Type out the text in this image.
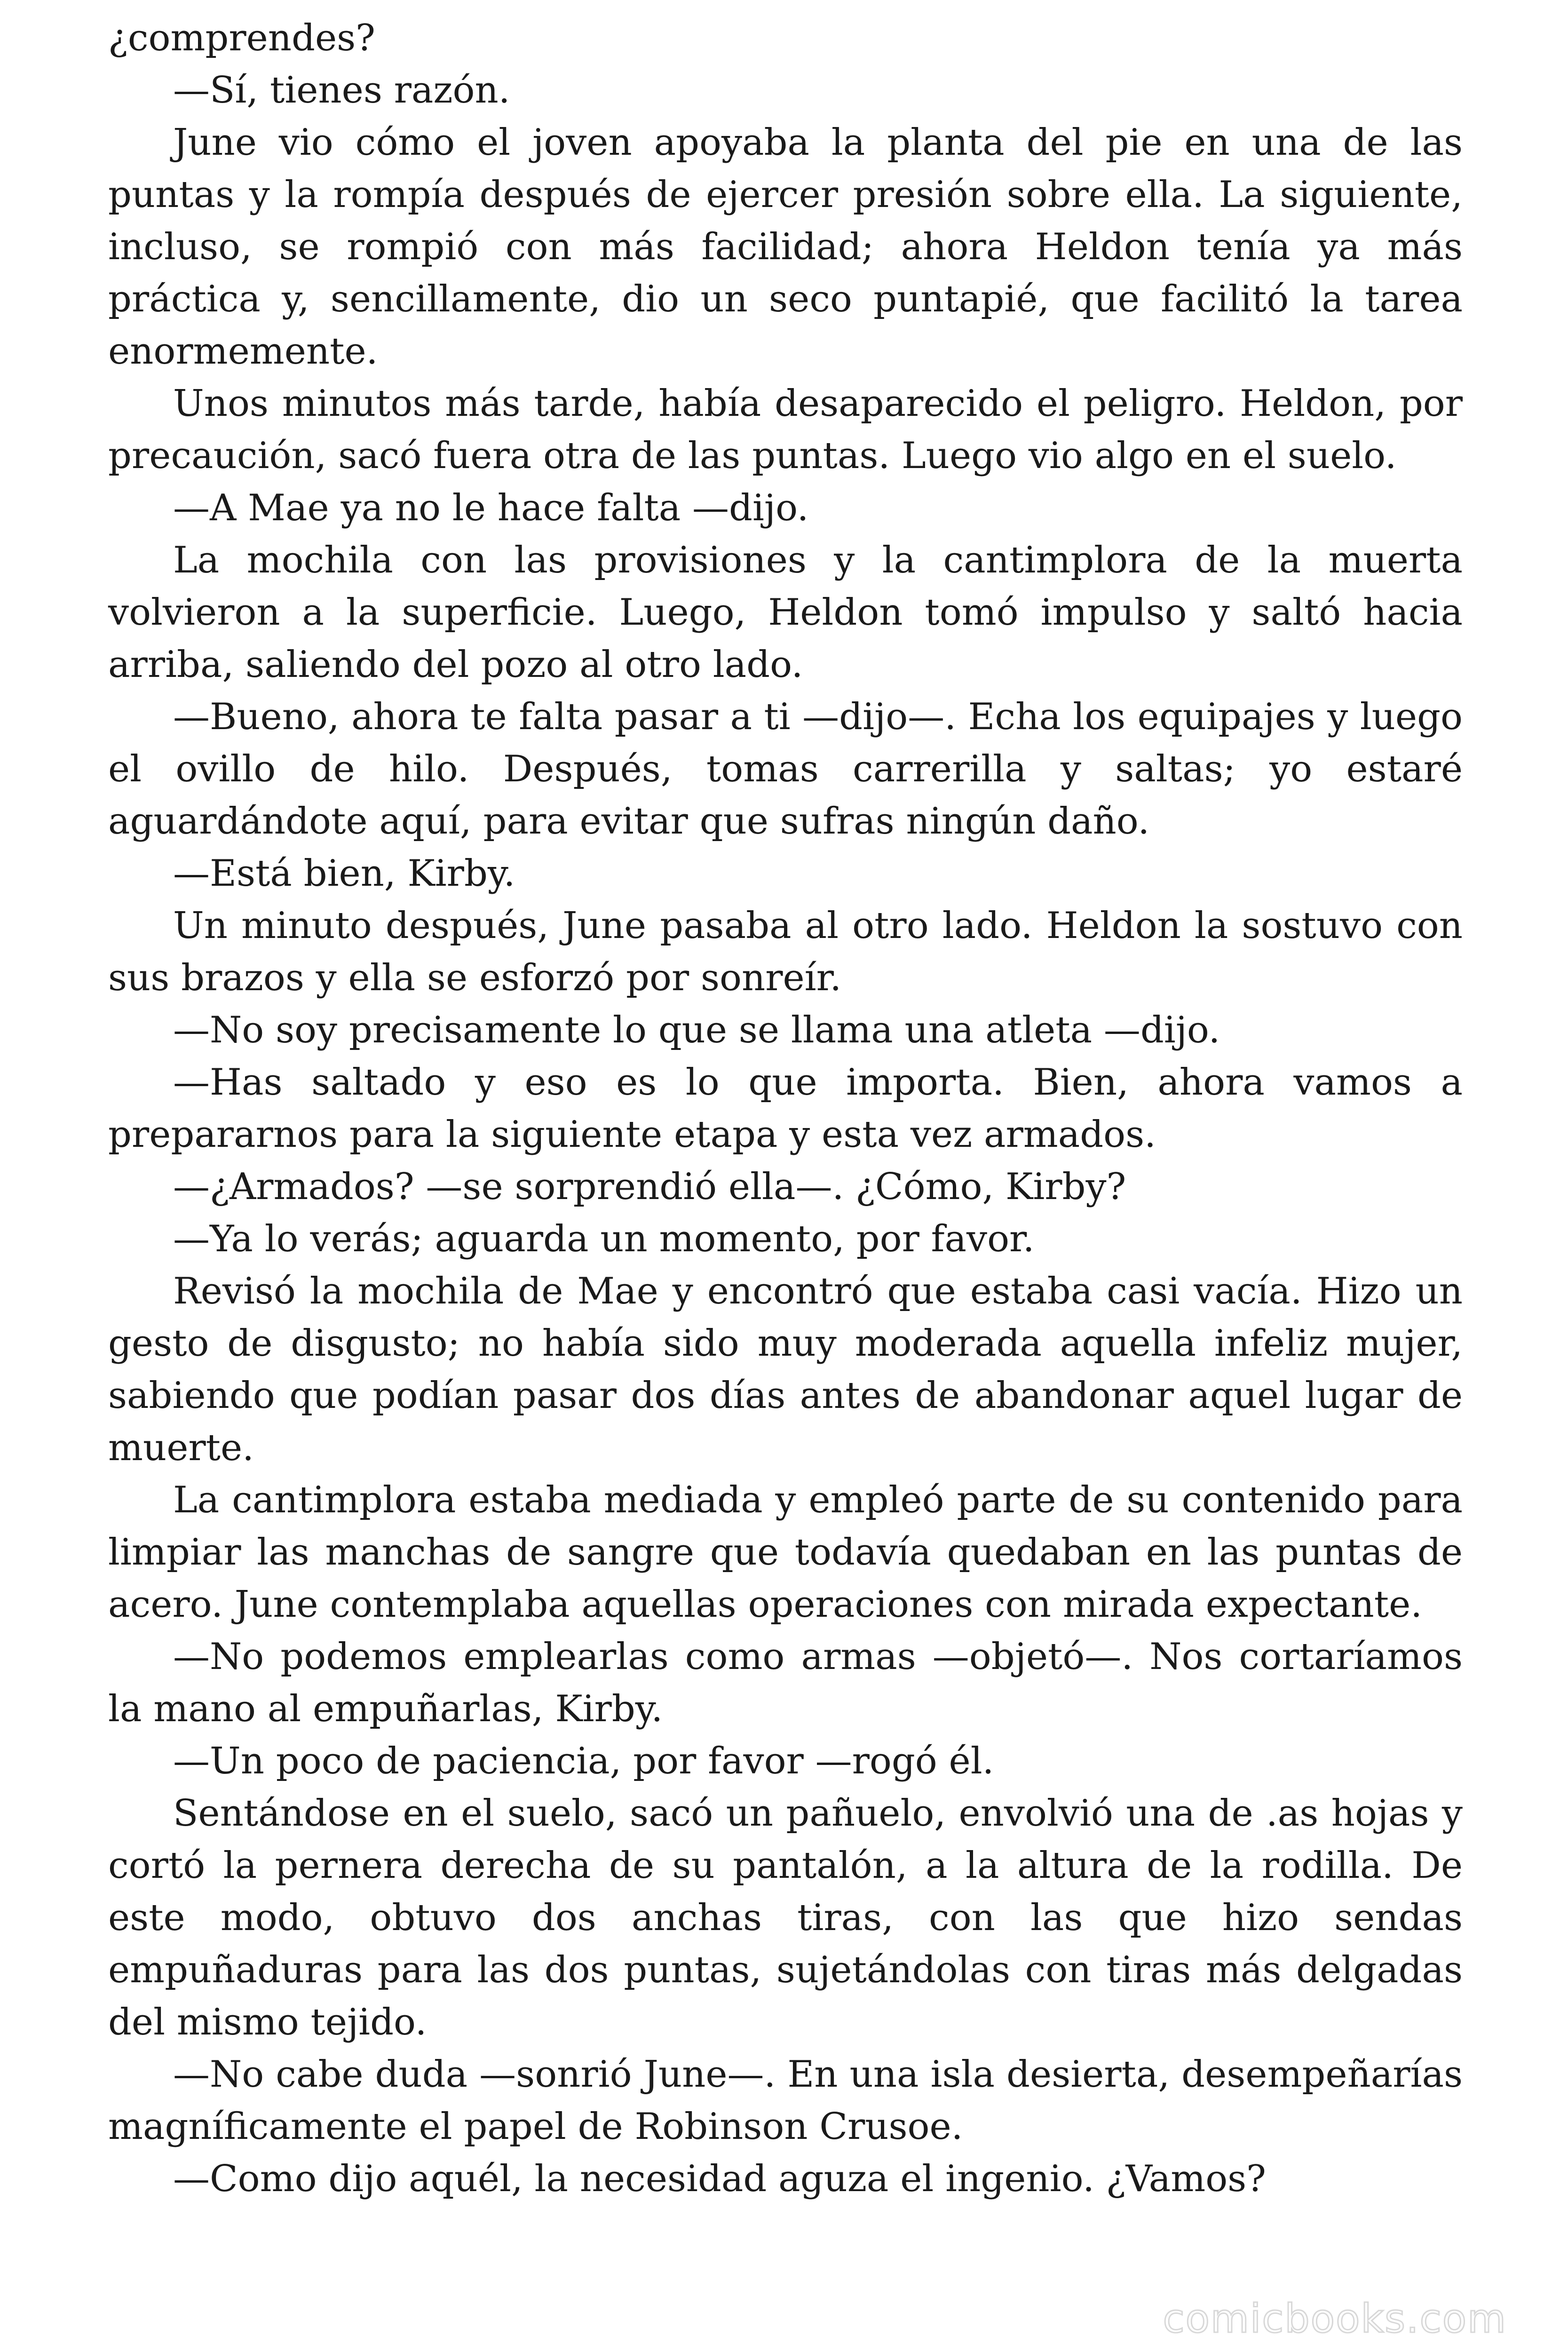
¿comprendes?

—Sí, tienes razón.

June vio cómo el joven apoyaba la planta del pie en una de las puntas y la rompía después de ejercer presión sobre ella. La siguiente, incluso, se rompió con más facilidad; ahora Heldon tenía ya más práctica y, sencillamente, dio un seco puntapié, que facilitó la tarea enormemente.

Unos minutos más tarde, había desaparecido el peligro. Heldon, por precaución, sacó fuera otra de las puntas. Luego vio algo en el suelo.

—A Mae ya no le hace falta —dijo.

La mochila con las provisiones y la cantimplora de la muerta volvieron a la superficie. Luego, Heldon tomó impulso y saltó hacia arriba, saliendo del pozo al otro lado.

—Bueno, ahora te falta pasar a ti —dijo—. Echa los equipajes y luego el ovillo de hilo. Después, tomas carrerilla y saltas; yo estaré aguardándote aquí, para evitar que sufras ningún daño.

—Está bien, Kirby.

Un minuto después, June pasaba al otro lado. Heldon la sostuvo con sus brazos y ella se esforzó por sonreír.

—No soy precisamente lo que se llama una atleta —dijo.

—Has saltado y eso es lo que importa. Bien, ahora vamos a prepararnos para la siguiente etapa y esta vez armados.

—¿Armados? —se sorprendió ella—. ¿Cómo, Kirby?

—Ya lo verás; aguarda un momento, por favor.

Revisó la mochila de Mae y encontró que estaba casi vacía. Hizo un gesto de disgusto; no había sido muy moderada aquella infeliz mujer, sabiendo que podían pasar dos días antes de abandonar aquel lugar de muerte.

La cantimplora estaba mediada y empleó parte de su contenido para limpiar las manchas de sangre que todavía quedaban en las puntas de acero. June contemplaba aquellas operaciones con mirada expectante.

—No podemos emplearlas como armas —objetó—. Nos cortaríamos la mano al empuñarlas, Kirby.

—Un poco de paciencia, por favor —rogó él.

Sentándose en el suelo, sacó un pañuelo, envolvió una de .as hojas y cortó la pernera derecha de su pantalón, a la altura de la rodilla. De este modo, obtuvo dos anchas tiras, con las que hizo sendas empuñaduras para las dos puntas, sujetándolas con tiras más delgadas del mismo tejido.

—No cabe duda —sonrió June—. En una isla desierta, desempeñarías magníficamente el papel de Robinson Crusoe.

—Como dijo aquél, la necesidad aguza el ingenio. ¿Vamos?

comicbooks.com
